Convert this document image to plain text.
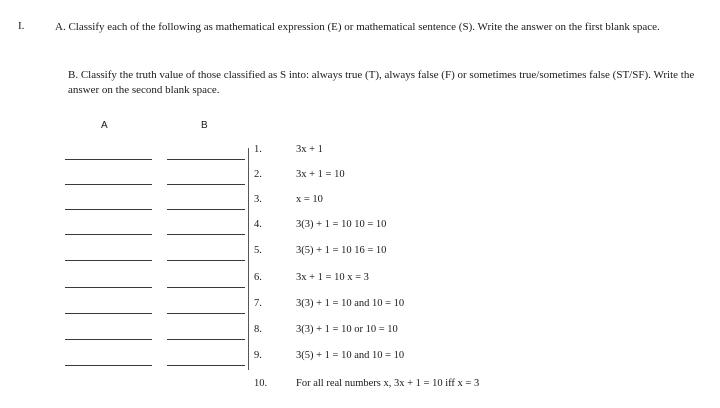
I.	A. Classify each of the following as mathematical expression (E) or mathematical sentence (S). Write the answer on the first blank space.
B. Classify the truth value of those classified as S into: always true (T), always false (F) or sometimes true/sometimes false (ST/SF). Write the answer on the second blank space.
A	B
1.	3x + 1
2.	3x + 1 = 10
3.	x = 10
4.	3(3) + 1 = 10 10 = 10
5.	3(5) + 1 = 10 16 = 10
6.	3x + 1 = 10 x = 3
7.	3(3) + 1 = 10 and 10 = 10
8.	3(3) + 1 = 10 or 10 = 10
9.	3(5) + 1 = 10 and 10 = 10
10.	For all real numbers x, 3x + 1 = 10 iff x = 3
